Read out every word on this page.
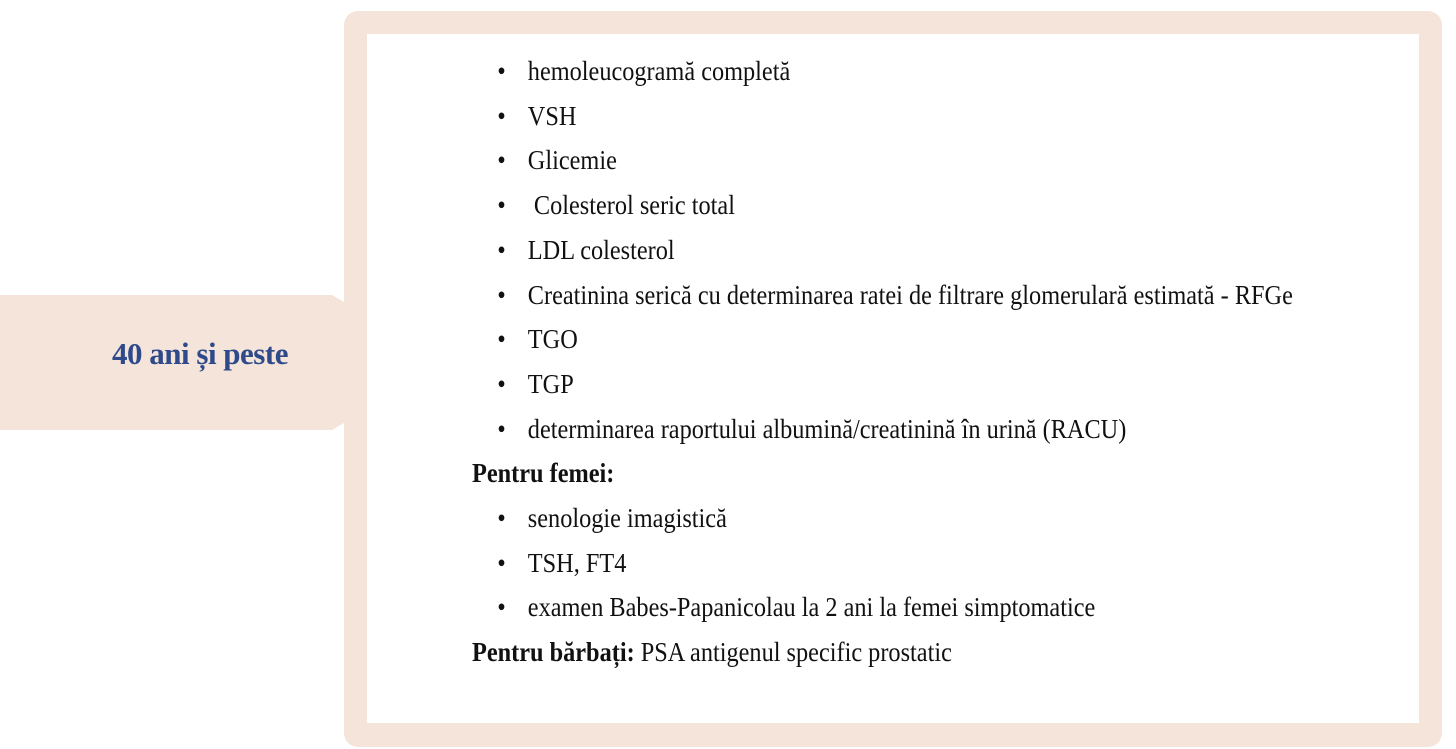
40 ani și peste
• hemoleucogramă completă
• VSH
• Glicemie
• Colesterol seric total
• LDL colesterol
• Creatinina serică cu determinarea ratei de filtrare glomerulară estimată - RFGe
• TGO
• TGP
• determinarea raportului albumină/creatinină în urină (RACU)
Pentru femei:
• senologie imagistică
• TSH, FT4
• examen Babes-Papanicolau la 2 ani la femei simptomatice
Pentru bărbați: PSA antigenul specific prostatic
